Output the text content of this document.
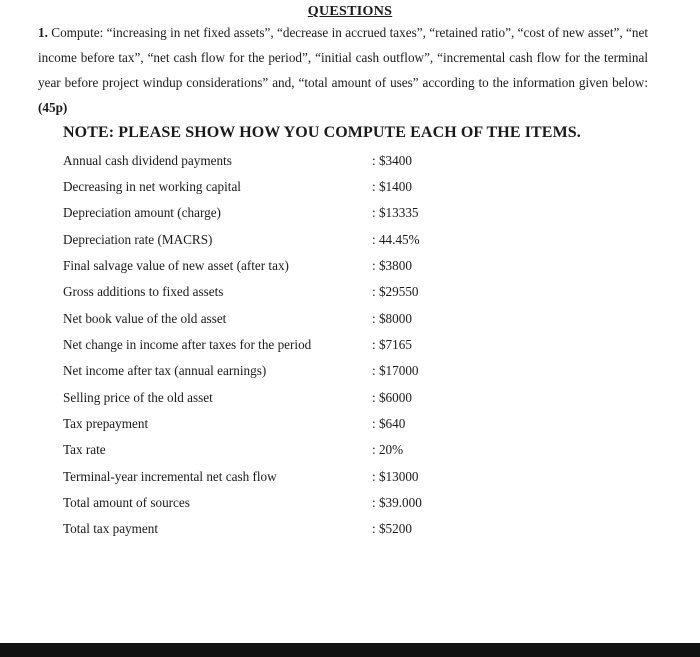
QUESTIONS
1. Compute: “increasing in net fixed assets”, “decrease in accrued taxes”, “retained ratio”, “cost of new asset”, “net income before tax”, “net cash flow for the period”, “initial cash outflow”, “incremental cash flow for the terminal year before project windup considerations” and, “total amount of uses” according to the information given below: (45p)
NOTE: PLEASE SHOW HOW YOU COMPUTE EACH OF THE ITEMS.
Annual cash dividend payments	: $3400
Decreasing in net working capital	: $1400
Depreciation amount (charge)	: $13335
Depreciation rate (MACRS)	: 44.45%
Final salvage value of new asset (after tax)	: $3800
Gross additions to fixed assets	: $29550
Net book value of the old asset	: $8000
Net change in income after taxes for the period	: $7165
Net income after tax (annual earnings)	: $17000
Selling price of the old asset	: $6000
Tax prepayment	: $640
Tax rate	: 20%
Terminal-year incremental net cash flow	: $13000
Total amount of sources	: $39.000
Total tax payment	: $5200
